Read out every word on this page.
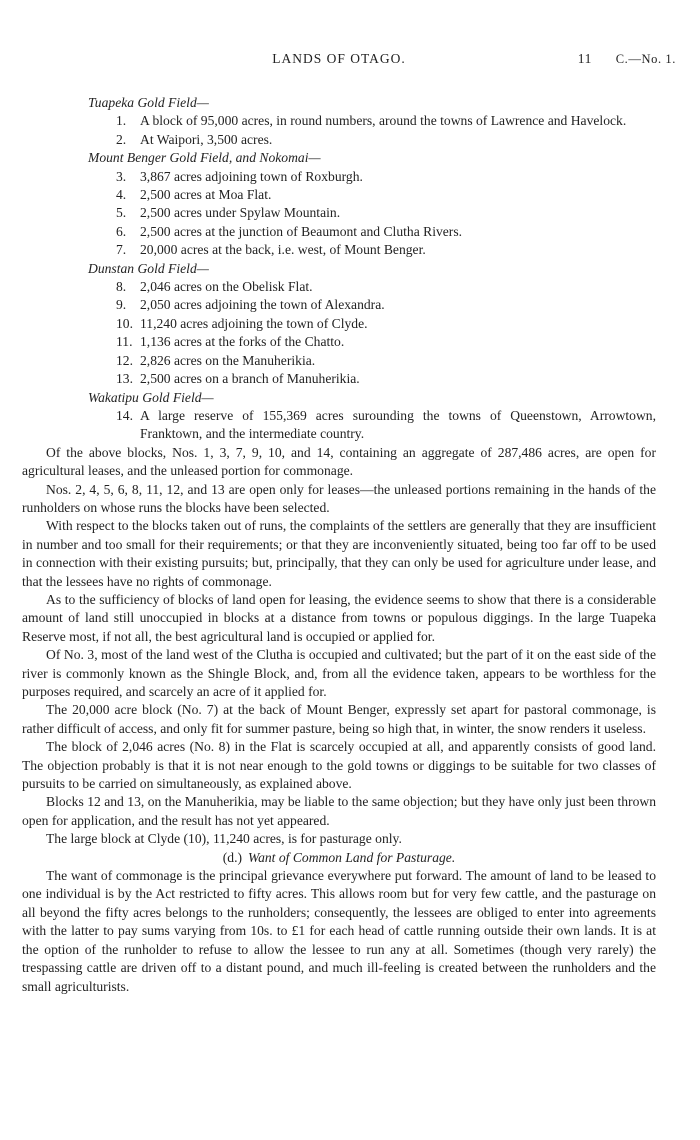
LANDS OF OTAGO.	11 C.—No. 1.
Tuapeka Gold Field—
1. A block of 95,000 acres, in round numbers, around the towns of Lawrence and Havelock.
2. At Waipori, 3,500 acres.
Mount Benger Gold Field, and Nokomai—
3. 3,867 acres adjoining town of Roxburgh.
4. 2,500 acres at Moa Flat.
5. 2,500 acres under Spylaw Mountain.
6. 2,500 acres at the junction of Beaumont and Clutha Rivers.
7. 20,000 acres at the back, i.e. west, of Mount Benger.
Dunstan Gold Field—
8. 2,046 acres on the Obelisk Flat.
9. 2,050 acres adjoining the town of Alexandra.
10. 11,240 acres adjoining the town of Clyde.
11. 1,136 acres at the forks of the Chatto.
12. 2,826 acres on the Manuherikia.
13. 2,500 acres on a branch of Manuherikia.
Wakatipu Gold Field—
14. A large reserve of 155,369 acres surounding the towns of Queenstown, Arrowtown, Franktown, and the intermediate country.

Of the above blocks, Nos. 1, 3, 7, 9, 10, and 14, containing an aggregate of 287,486 acres, are open for agricultural leases, and the unleased portion for commonage.

Nos. 2, 4, 5, 6, 8, 11, 12, and 13 are open only for leases—the unleased portions remaining in the hands of the runholders on whose runs the blocks have been selected.

With respect to the blocks taken out of runs, the complaints of the settlers are generally that they are insufficient in number and too small for their requirements; or that they are inconveniently situated, being too far off to be used in connection with their existing pursuits; but, principally, that they can only be used for agriculture under lease, and that the lessees have no rights of commonage.

As to the sufficiency of blocks of land open for leasing, the evidence seems to show that there is a considerable amount of land still unoccupied in blocks at a distance from towns or populous diggings. In the large Tuapeka Reserve most, if not all, the best agricultural land is occupied or applied for.

Of No. 3, most of the land west of the Clutha is occupied and cultivated; but the part of it on the east side of the river is commonly known as the Shingle Block, and, from all the evidence taken, appears to be worthless for the purposes required, and scarcely an acre of it applied for.

The 20,000 acre block (No. 7) at the back of Mount Benger, expressly set apart for pastoral commonage, is rather difficult of access, and only fit for summer pasture, being so high that, in winter, the snow renders it useless.

The block of 2,046 acres (No. 8) in the Flat is scarcely occupied at all, and apparently consists of good land. The objection probably is that it is not near enough to the gold towns or diggings to be suitable for two classes of pursuits to be carried on simultaneously, as explained above.

Blocks 12 and 13, on the Manuherikia, may be liable to the same objection; but they have only just been thrown open for application, and the result has not yet appeared.

The large block at Clyde (10), 11,240 acres, is for pasturage only.

(d.) Want of Common Land for Pasturage.

The want of commonage is the principal grievance everywhere put forward. The amount of land to be leased to one individual is by the Act restricted to fifty acres. This allows room but for very few cattle, and the pasturage on all beyond the fifty acres belongs to the runholders; consequently, the lessees are obliged to enter into agreements with the latter to pay sums varying from 10s. to £1 for each head of cattle running outside their own lands. It is at the option of the runholder to refuse to allow the lessee to run any at all. Sometimes (though very rarely) the trespassing cattle are driven off to a distant pound, and much ill-feeling is created between the runholders and the small agriculturists.
